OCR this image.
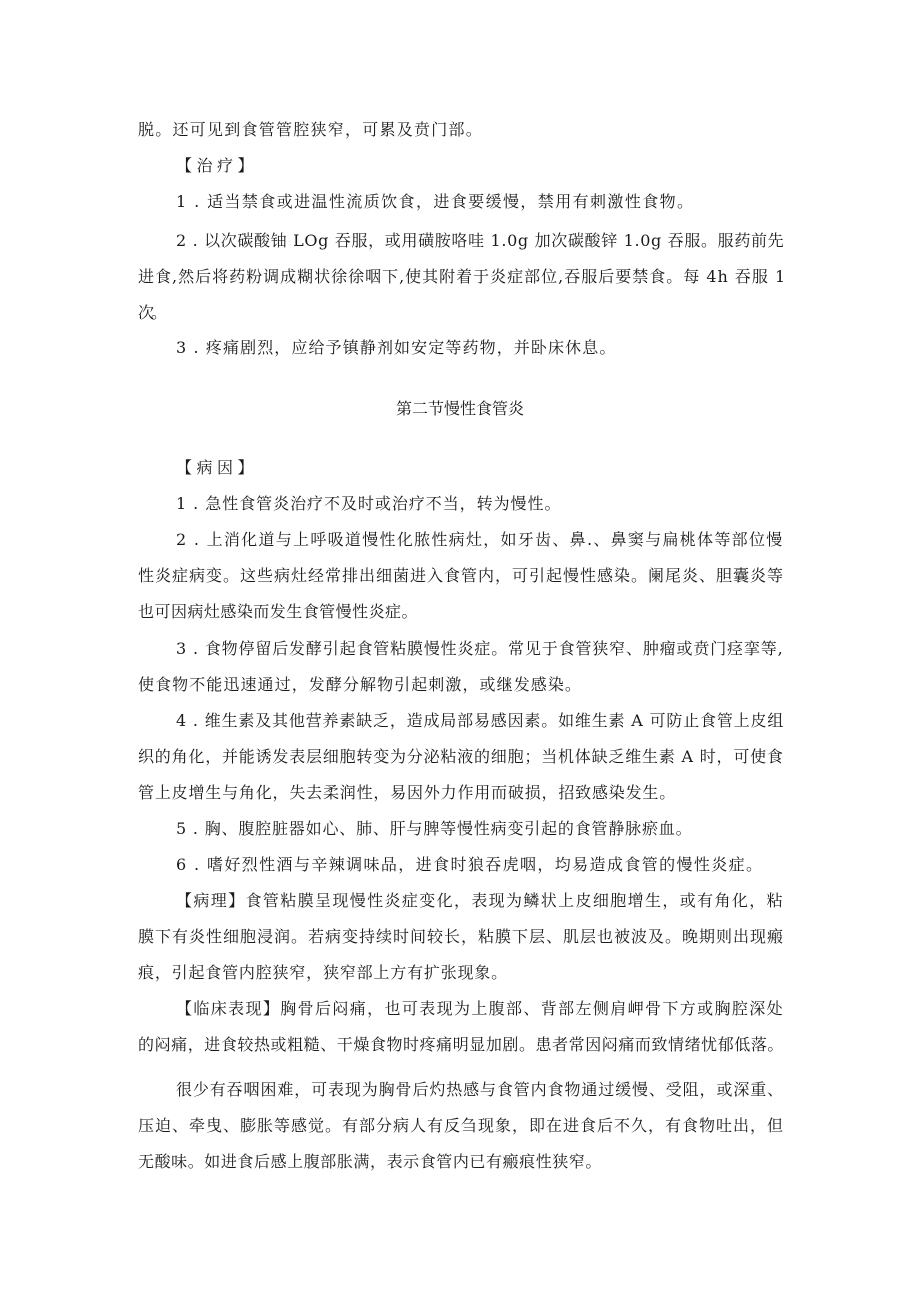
脱。还可见到食管管腔狭窄，可累及贲门部。
【治疗】
1 . 适当禁食或进温性流质饮食，进食要缓慢，禁用有刺激性食物。
2 . 以次碳酸铀 LOg 吞服，或用磺胺咯哇 1.0g 加次碳酸锌 1.0g 吞服。服药前先
进食,然后将药粉调成糊状徐徐咽下,使其附着于炎症部位,吞服后要禁食。每 4h 吞服 1
次。
3 . 疼痛剧烈，应给予镇静剂如安定等药物，并卧床休息。
第二节慢性食管炎
【病因】
1 . 急性食管炎治疗不及时或治疗不当，转为慢性。
2 . 上消化道与上呼吸道慢性化脓性病灶，如牙齿、鼻.、鼻窦与扁桃体等部位慢
性炎症病变。这些病灶经常排出细菌进入食管内，可引起慢性感染。阑尾炎、胆囊炎等
也可因病灶感染而发生食管慢性炎症。
3 . 食物停留后发酵引起食管粘膜慢性炎症。常见于食管狭窄、肿瘤或贲门痉挛等,
使食物不能迅速通过，发酵分解物引起刺激，或继发感染。
4 . 维生素及其他营养素缺乏，造成局部易感因素。如维生素 A 可防止食管上皮组
织的角化，并能诱发表层细胞转变为分泌粘液的细胞；当机体缺乏维生素 A 时，可使食
管上皮增生与角化，失去柔润性，易因外力作用而破损，招致感染发生。
5 . 胸、腹腔脏器如心、肺、肝与脾等慢性病变引起的食管静脉瘀血。
6 . 嗜好烈性酒与辛辣调味品，进食时狼吞虎咽，均易造成食管的慢性炎症。
【病理】食管粘膜呈现慢性炎症变化，表现为鳞状上皮细胞增生，或有角化，粘
膜下有炎性细胞浸润。若病变持续时间较长，粘膜下层、肌层也被波及。晚期则出现瘢
痕，引起食管内腔狭窄，狭窄部上方有扩张现象。
【临床表现】胸骨后闷痛，也可表现为上腹部、背部左侧肩岬骨下方或胸腔深处
的闷痛，进食较热或粗糙、干燥食物时疼痛明显加剧。患者常因闷痛而致情绪忧郁低落。
很少有吞咽困难，可表现为胸骨后灼热感与食管内食物通过缓慢、受阻，或深重、
压迫、牵曳、膨胀等感觉。有部分病人有反刍现象，即在进食后不久，有食物吐出，但
无酸味。如进食后感上腹部胀满，表示食管内已有瘢痕性狭窄。
